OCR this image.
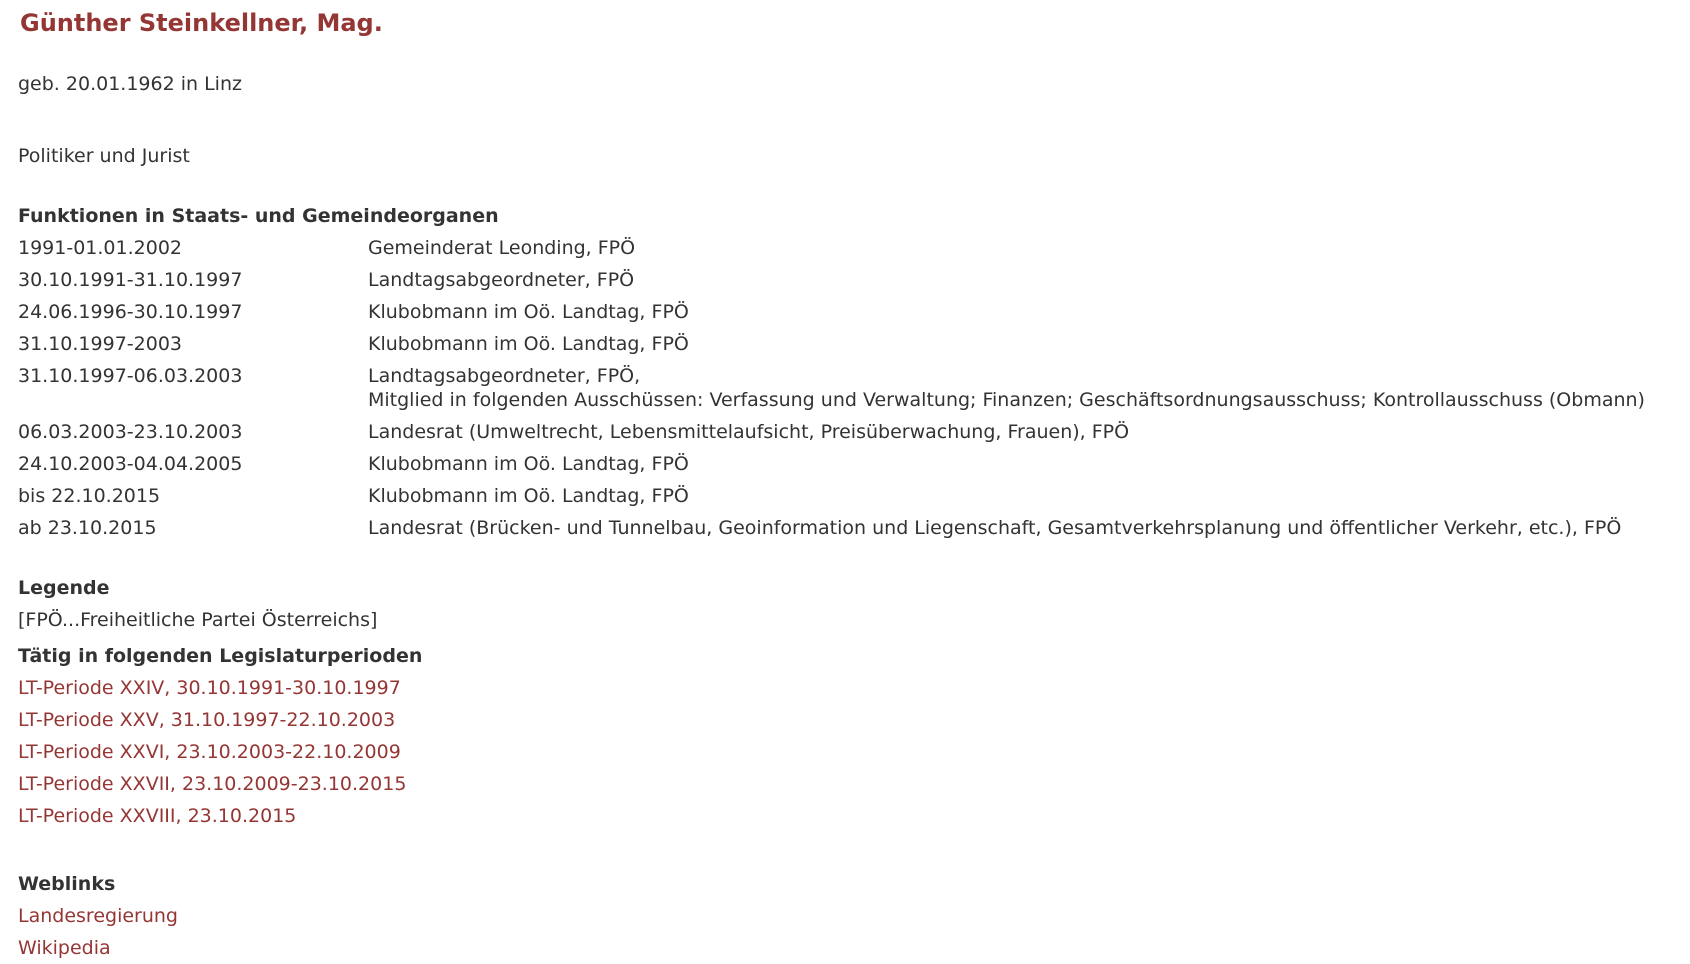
Günther Steinkellner, Mag.
geb. 20.01.1962 in Linz
Politiker und Jurist
Funktionen in Staats- und Gemeindeorganen
1991-01.01.2002	Gemeinderat Leonding, FPÖ
30.10.1991-31.10.1997	Landtagsabgeordneter, FPÖ
24.06.1996-30.10.1997	Klubobmann im Oö. Landtag, FPÖ
31.10.1997-2003	Klubobmann im Oö. Landtag, FPÖ
31.10.1997-06.03.2003	Landtagsabgeordneter, FPÖ,
Mitglied in folgenden Ausschüssen: Verfassung und Verwaltung; Finanzen; Geschäftsordnungsausschuss; Kontrollausschuss (Obmann)

06.03.2003-23.10.2003	Landesrat (Umweltrecht, Lebensmittelaufsicht, Preisüberwachung, Frauen), FPÖ
24.10.2003-04.04.2005	Klubobmann im Oö. Landtag, FPÖ
bis 22.10.2015	Klubobmann im Oö. Landtag, FPÖ
ab 23.10.2015	Landesrat (Brücken- und Tunnelbau, Geoinformation und Liegenschaft, Gesamtverkehrsplanung und öffentlicher Verkehr, etc.), FPÖ
Legende
[FPÖ...Freiheitliche Partei Österreichs]
Tätig in folgenden Legislaturperioden
LT-Periode XXIV, 30.10.1991-30.10.1997
LT-Periode XXV, 31.10.1997-22.10.2003
LT-Periode XXVI, 23.10.2003-22.10.2009
LT-Periode XXVII, 23.10.2009-23.10.2015
LT-Periode XXVIII, 23.10.2015
Weblinks
Landesregierung
Wikipedia
